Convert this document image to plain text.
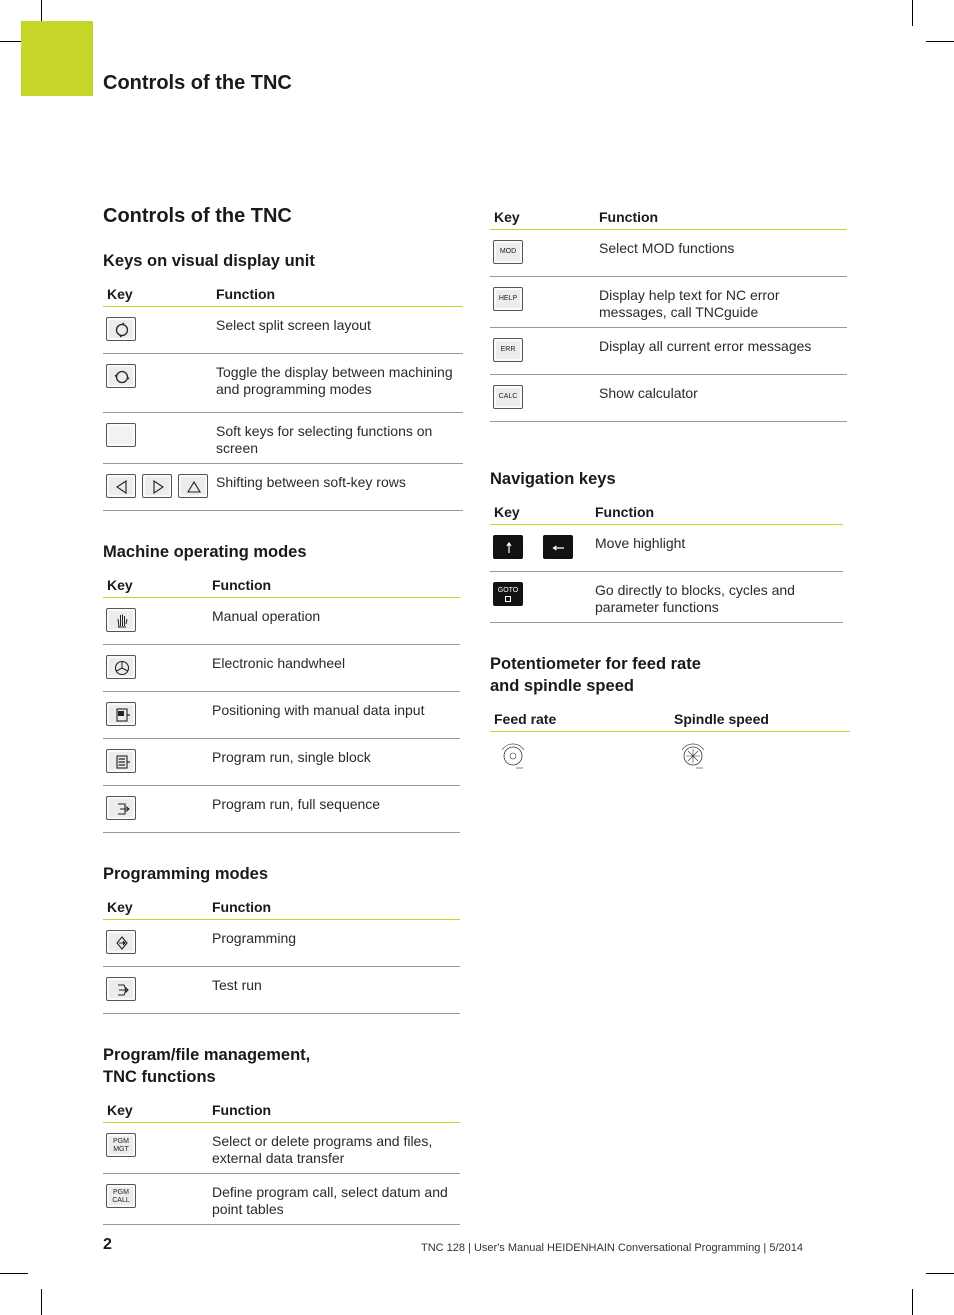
Controls of the TNC
Controls of the TNC
Keys on visual display unit
Key	Function

	Select split screen layout

	Toggle the display between machining and programming modes
	Soft keys for selecting functions on screen

	Shifting between soft-key rows
Machine operating modes
Key	Function

	Manual operation

	Electronic handwheel

	Positioning with manual data input

	Program run, single block

	Program run, full sequence
Programming modes
Key	Function

	Programming

	Test run
Program/file management,
TNC functions
Key	Function
PGM
MGT	Select or delete programs and files, external data transfer
PGM
CALL	Define program call, select datum and point tables
Key	Function
MOD	Select MOD functions
HELP	Display help text for NC error messages, call TNCguide
ERR	Display all current error messages
CALC	Show calculator
Navigation keys
Key	Function

	Move highlight
GOTO	Go directly to blocks, cycles and parameter functions
Potentiometer for feed rate
and spindle speed
Feed rate	Spindle speed

2	TNC 128 | User's Manual HEIDENHAIN Conversational Programming | 5/2014
